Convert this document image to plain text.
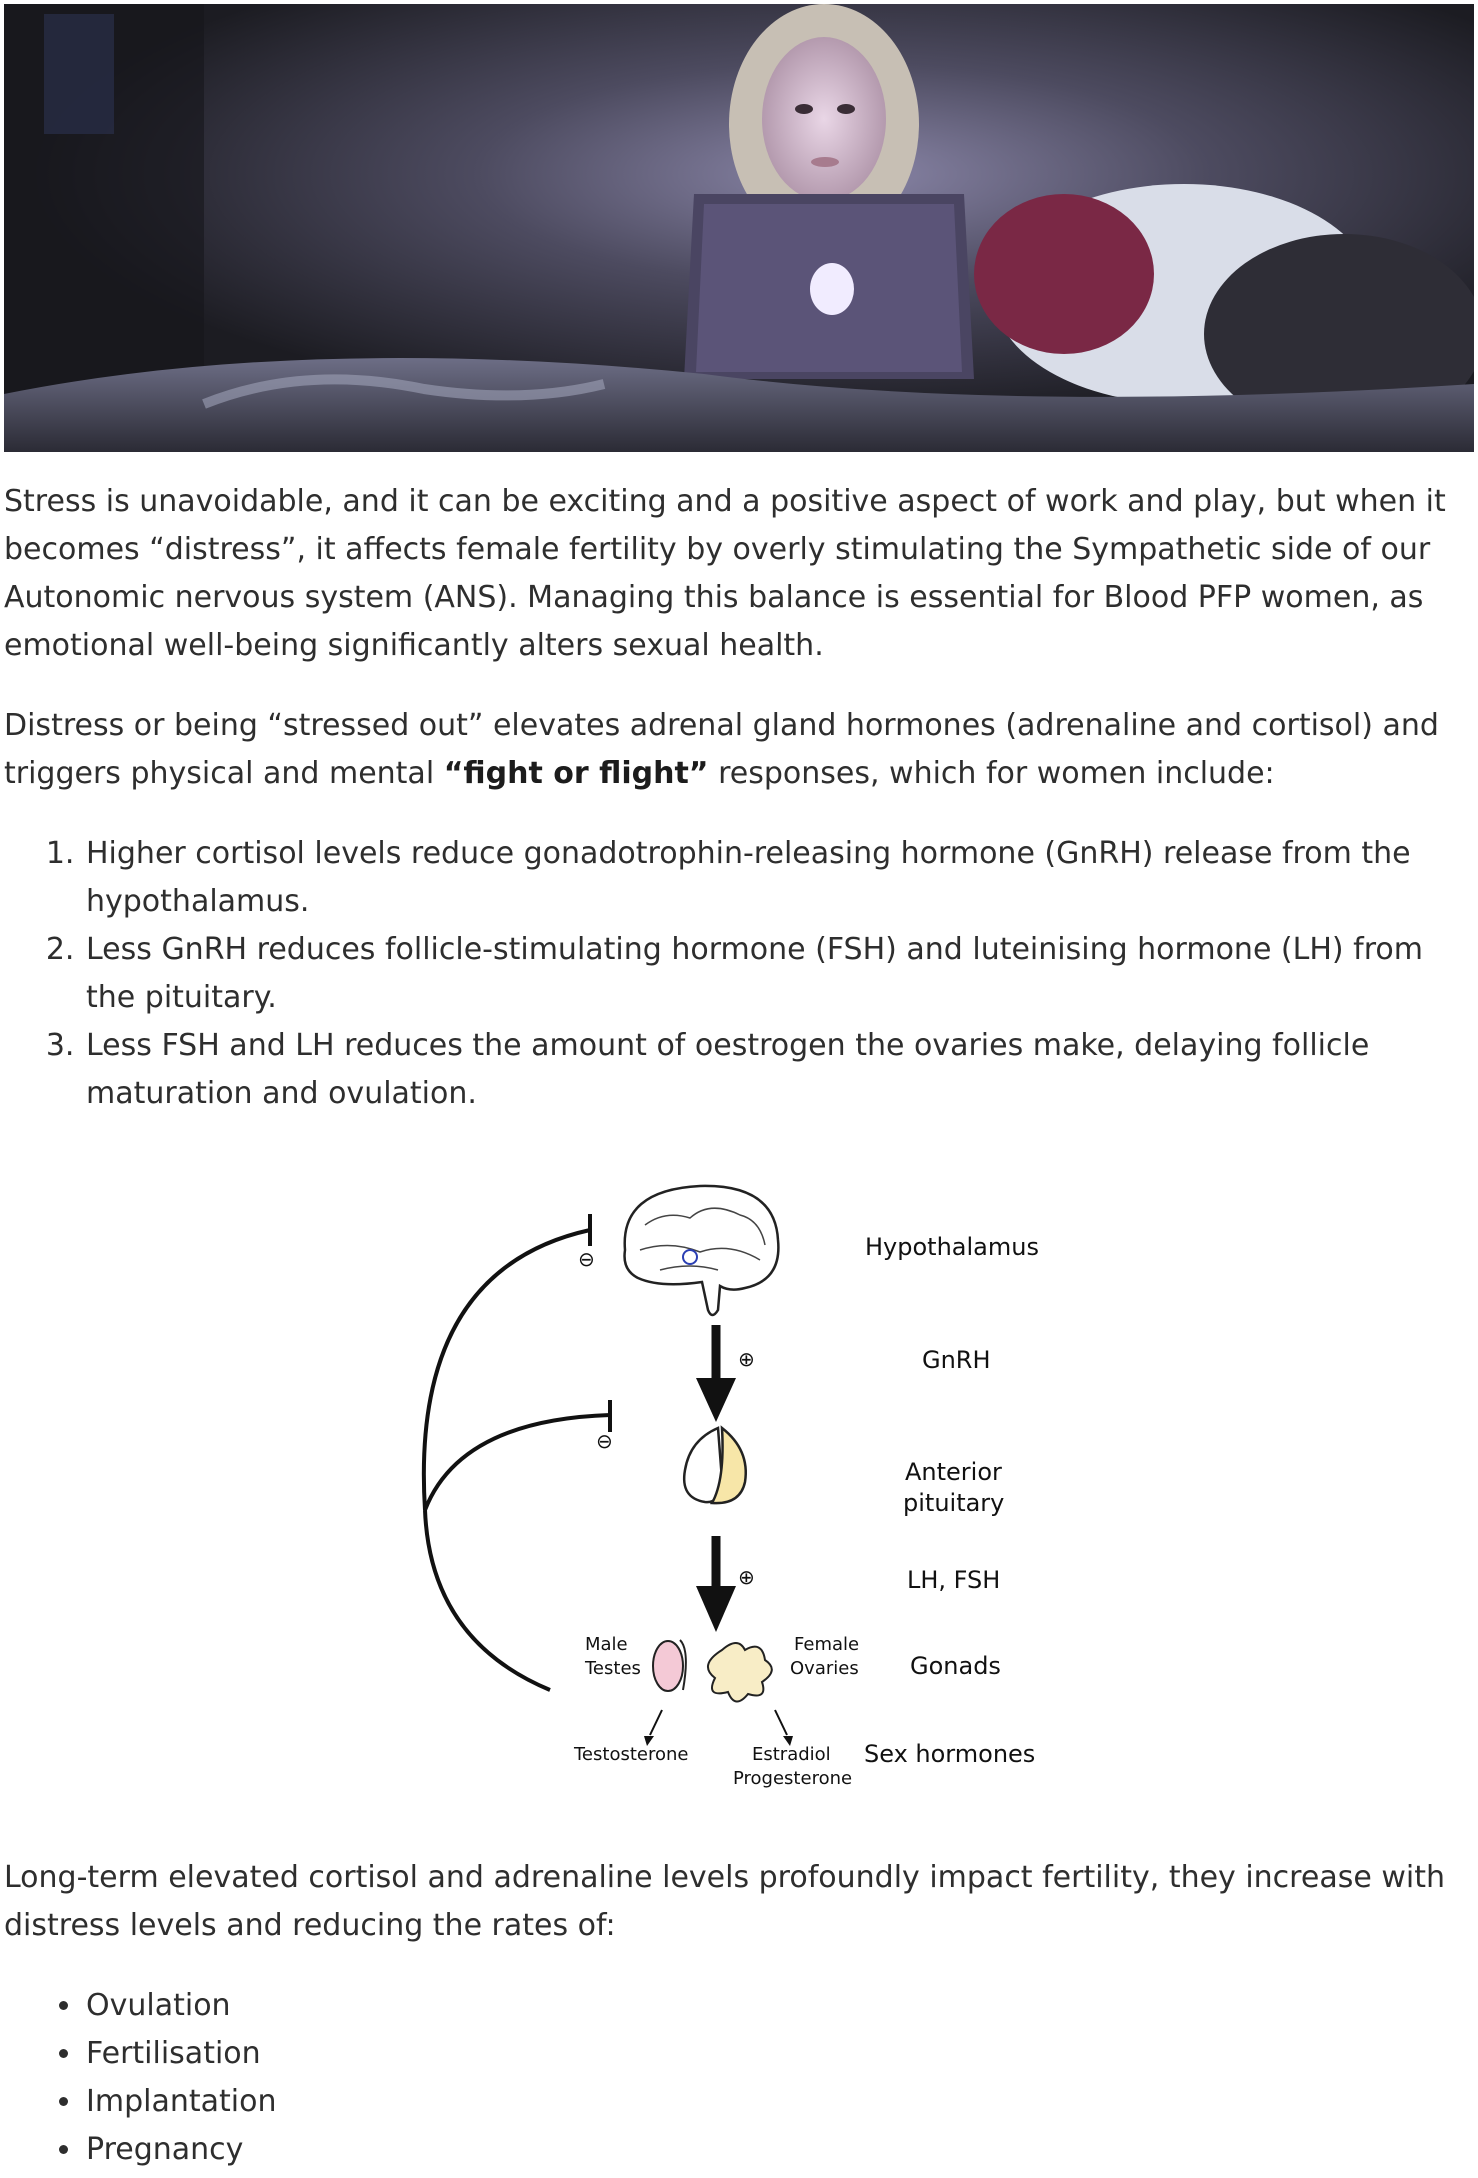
Stress is unavoidable, and it can be exciting and a positive aspect of work and play, but when it becomes “distress”, it affects female fertility by overly stimulating the Sympathetic side of our Autonomic nervous system (ANS). Managing this balance is essential for Blood PFP women, as emotional well-being significantly alters sexual health.

Distress or being “stressed out” elevates adrenal gland hormones (adrenaline and cortisol) and triggers physical and mental “fight or flight” responses, which for women include:

1. Higher cortisol levels reduce gonadotrophin-releasing hormone (GnRH) release from the hypothalamus.
2. Less GnRH reduces follicle-stimulating hormone (FSH) and luteinising hormone (LH) from the pituitary.
3. Less FSH and LH reduces the amount of oestrogen the ovaries make, delaying follicle maturation and ovulation.
⊖
⊖
⊕
⊕
Male
Testes
Female
Ovaries
Testosterone	Estradiol
Progesterone
Hypothalamus
GnRH
Anterior
pituitary
LH, FSH
Gonads
Sex hormones

Long-term elevated cortisol and adrenaline levels profoundly impact fertility, they increase with distress levels and reducing the rates of:

• Ovulation
• Fertilisation
• Implantation
• Pregnancy
